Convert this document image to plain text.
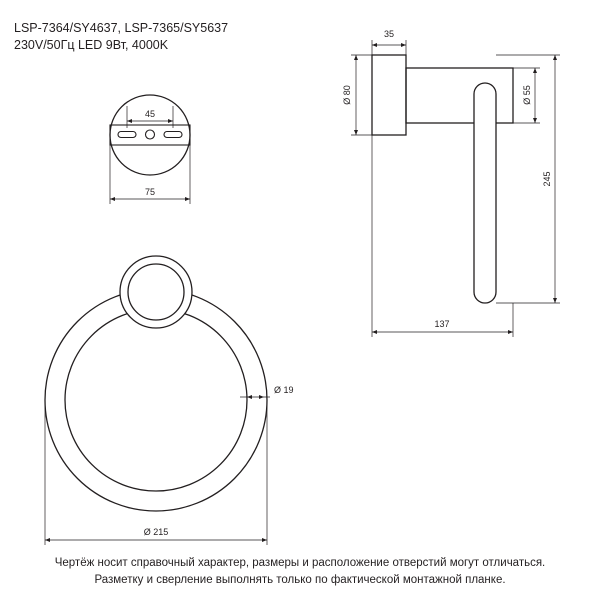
LSP-7364/SY4637, LSP-7365/SY5637
230V/50Гц LED 9Вт, 4000K
45
75
Ø 19
Ø 215
35
Ø 80	Ø 55
245
137
Чертёж носит справочный характер, размеры и расположение отверстий могут отличаться.
Разметку и сверление выполнять только по фактической монтажной планке.
